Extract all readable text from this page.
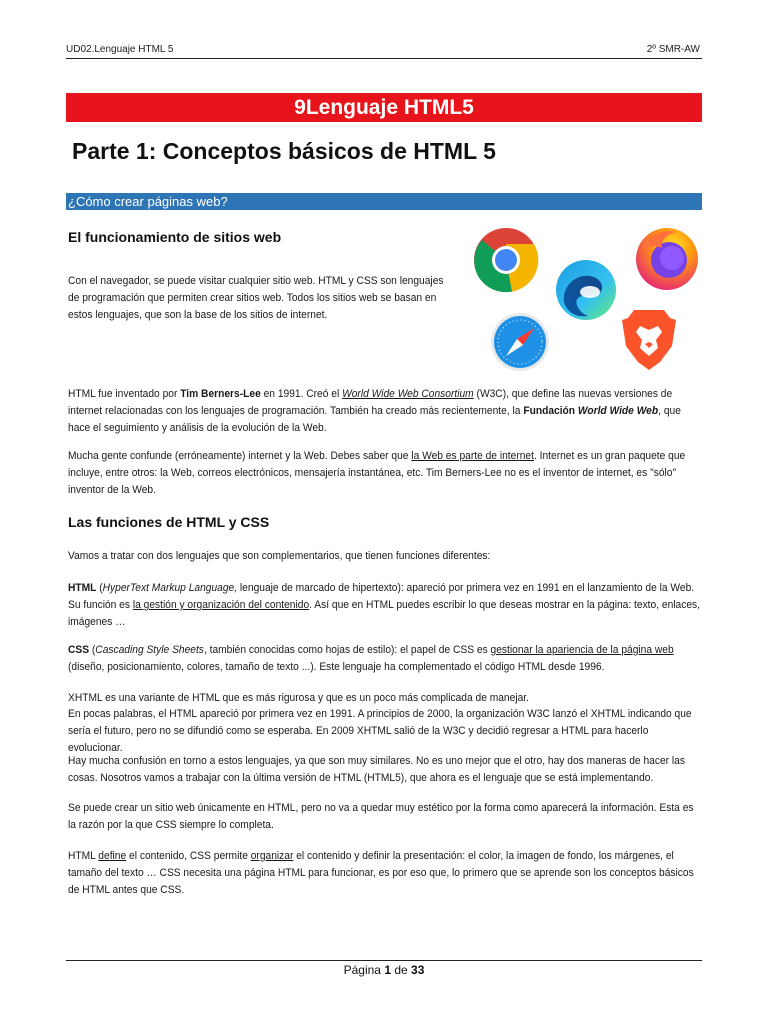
UD02.Lenguaje HTML 5	2º SMR-AW
9Lenguaje HTML5
Parte 1: Conceptos básicos de HTML 5
¿Cómo crear páginas web?
El funcionamiento de sitios web
Con el navegador, se puede visitar cualquier sitio web. HTML y CSS son lenguajes de programación que permiten crear sitios web. Todos los sitios web se basan en estos lenguajes, que son la base de los sitios de internet.
HTML fue inventado por Tim Berners-Lee en 1991. Creó el World Wide Web Consortium (W3C), que define las nuevas versiones de internet relacionadas con los lenguajes de programación. También ha creado más recientemente, la Fundación World Wide Web, que hace el seguimiento y análisis de la evolución de la Web.
Mucha gente confunde (erróneamente) internet y la Web. Debes saber que la Web es parte de internet. Internet es un gran paquete que incluye, entre otros: la Web, correos electrónicos, mensajería instantánea, etc. Tim Berners-Lee no es el inventor de internet, es "sólo" inventor de la Web.
Las funciones de HTML y CSS
Vamos a tratar con dos lenguajes que son complementarios, que tienen funciones diferentes:
HTML (HyperText Markup Language, lenguaje de marcado de hipertexto): apareció por primera vez en 1991 en el lanzamiento de la Web. Su función es la gestión y organización del contenido. Así que en HTML puedes escribir lo que deseas mostrar en la página: texto, enlaces, imágenes …
CSS (Cascading Style Sheets, también conocidas como hojas de estilo): el papel de CSS es gestionar la apariencia de la página web (diseño, posicionamiento, colores, tamaño de texto ...). Este lenguaje ha complementado el código HTML desde 1996.
XHTML es una variante de HTML que es más rigurosa y que es un poco más complicada de manejar.
En pocas palabras, el HTML apareció por primera vez en 1991. A principios de 2000, la organización W3C lanzó el XHTML indicando que sería el futuro, pero no se difundió como se esperaba. En 2009 XHTML salió de la W3C y decidió regresar a HTML para hacerlo evolucionar.
Hay mucha confusión en torno a estos lenguajes, ya que son muy similares. No es uno mejor que el otro, hay dos maneras de hacer las cosas. Nosotros vamos a trabajar con la última versión de HTML (HTML5), que ahora es el lenguaje que se está implementando.
Se puede crear un sitio web únicamente en HTML, pero no va a quedar muy estético por la forma como aparecerá la información. Esta es la razón por la que CSS siempre lo completa.
HTML define el contenido, CSS permite organizar el contenido y definir la presentación: el color, la imagen de fondo, los márgenes, el tamaño del texto … CSS necesita una página HTML para funcionar, es por eso que, lo primero que se aprende son los conceptos básicos de HTML antes que CSS.
Página 1 de 33
